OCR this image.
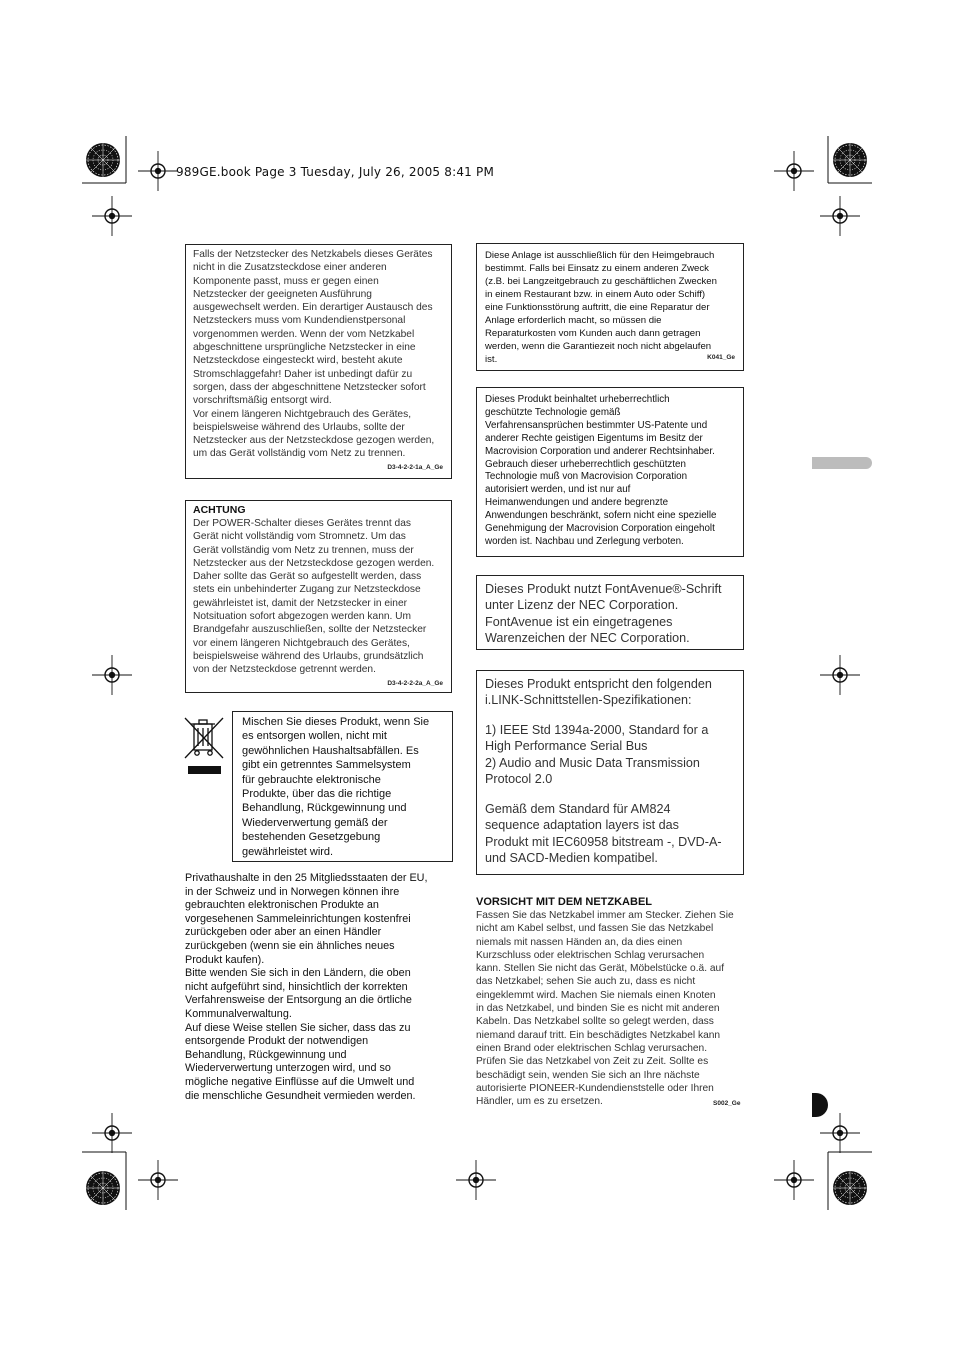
989GE.book Page 3 Tuesday, July 26, 2005 8:41 PM

Falls der Netzstecker des Netzkabels dieses Gerätes
nicht in die Zusatzsteckdose einer anderen
Komponente passt, muss er gegen einen
Netzstecker der geeigneten Ausführung
ausgewechselt werden. Ein derartiger Austausch des
Netzsteckers muss vom Kundendienstpersonal
vorgenommen werden. Wenn der vom Netzkabel
abgeschnittene ursprüngliche Netzstecker in eine
Netzsteckdose eingesteckt wird, besteht akute
Stromschlaggefahr! Daher ist unbedingt dafür zu
sorgen, dass der abgeschnittene Netzstecker sofort
vorschriftsmäßig entsorgt wird.
Vor einem längeren Nichtgebrauch des Gerätes,
beispielsweise während des Urlaubs, sollte der
Netzstecker aus der Netzsteckdose gezogen werden,
um das Gerät vollständig vom Netz zu trennen.

D3-4-2-2-1a_A_Ge
ACHTUNG

Der POWER-Schalter dieses Gerätes trennt das
Gerät nicht vollständig vom Stromnetz. Um das
Gerät vollständig vom Netz zu trennen, muss der
Netzstecker aus der Netzsteckdose gezogen werden.
Daher sollte das Gerät so aufgestellt werden, dass
stets ein unbehinderter Zugang zur Netzsteckdose
gewährleistet ist, damit der Netzstecker in einer
Notsituation sofort abgezogen werden kann. Um
Brandgefahr auszuschließen, sollte der Netzstecker
vor einem längeren Nichtgebrauch des Gerätes,
beispielsweise während des Urlaubs, grundsätzlich
von der Netzsteckdose getrennt werden.

D3-4-2-2-2a_A_Ge

Mischen Sie dieses Produkt, wenn Sie
es entsorgen wollen, nicht mit
gewöhnlichen Haushaltsabfällen. Es
gibt ein getrenntes Sammelsystem
für gebrauchte elektronische
Produkte, über das die richtige
Behandlung, Rückgewinnung und
Wiederverwertung gemäß der
bestehenden Gesetzgebung
gewährleistet wird.

Privathaushalte in den 25 Mitgliedsstaaten der EU,
in der Schweiz und in Norwegen können ihre
gebrauchten elektronischen Produkte an
vorgesehenen Sammeleinrichtungen kostenfrei
zurückgeben oder aber an einen Händler
zurückgeben (wenn sie ein ähnliches neues
Produkt kaufen).
Bitte wenden Sie sich in den Ländern, die oben
nicht aufgeführt sind, hinsichtlich der korrekten
Verfahrensweise der Entsorgung an die örtliche
Kommunalverwaltung.
Auf diese Weise stellen Sie sicher, dass das zu
entsorgende Produkt der notwendigen
Behandlung, Rückgewinnung und
Wiederverwertung unterzogen wird, und so
mögliche negative Einflüsse auf die Umwelt und
die menschliche Gesundheit vermieden werden.

Diese Anlage ist ausschließlich für den Heimgebrauch
bestimmt. Falls bei Einsatz zu einem anderen Zweck
(z.B. bei Langzeitgebrauch zu geschäftlichen Zwecken
in einem Restaurant bzw. in einem Auto oder Schiff)
eine Funktionsstörung auftritt, die eine Reparatur der
Anlage erforderlich macht, so müssen die
Reparaturkosten vom Kunden auch dann getragen
werden, wenn die Garantiezeit noch nicht abgelaufen
ist.	K041_Ge

Dieses Produkt beinhaltet urheberrechtlich
geschützte Technologie gemäß
Verfahrensansprüchen bestimmter US-Patente und
anderer Rechte geistigen Eigentums im Besitz der
Macrovision Corporation und anderer Rechtsinhaber.
Gebrauch dieser urheberrechtlich geschützten
Technologie muß von Macrovision Corporation
autorisiert werden, und ist nur auf
Heimanwendungen und andere begrenzte
Anwendungen beschränkt, sofern nicht eine spezielle
Genehmigung der Macrovision Corporation eingeholt
worden ist. Nachbau und Zerlegung verboten.

Dieses Produkt nutzt FontAvenue®-Schrift
unter Lizenz der NEC Corporation.
FontAvenue ist ein eingetragenes
Warenzeichen der NEC Corporation.

Dieses Produkt entspricht den folgenden
i.LINK-Schnittstellen-Spezifikationen:

1) IEEE Std 1394a-2000, Standard for a
High Performance Serial Bus
2) Audio and Music Data Transmission
Protocol 2.0

Gemäß dem Standard für AM824
sequence adaptation layers ist das
Produkt mit IEC60958 bitstream -, DVD-A-
und SACD-Medien kompatibel.

VORSICHT MIT DEM NETZKABEL

Fassen Sie das Netzkabel immer am Stecker. Ziehen Sie
nicht am Kabel selbst, und fassen Sie das Netzkabel
niemals mit nassen Händen an, da dies einen
Kurzschluss oder elektrischen Schlag verursachen
kann. Stellen Sie nicht das Gerät, Möbelstücke o.ä. auf
das Netzkabel; sehen Sie auch zu, dass es nicht
eingeklemmt wird. Machen Sie niemals einen Knoten
in das Netzkabel, und binden Sie es nicht mit anderen
Kabeln. Das Netzkabel sollte so gelegt werden, dass
niemand darauf tritt. Ein beschädigtes Netzkabel kann
einen Brand oder elektrischen Schlag verursachen.
Prüfen Sie das Netzkabel von Zeit zu Zeit. Sollte es
beschädigt sein, wenden Sie sich an Ihre nächste
autorisierte PIONEER-Kundendienststelle oder Ihren
Händler, um es zu ersetzen.	S002_Ge
